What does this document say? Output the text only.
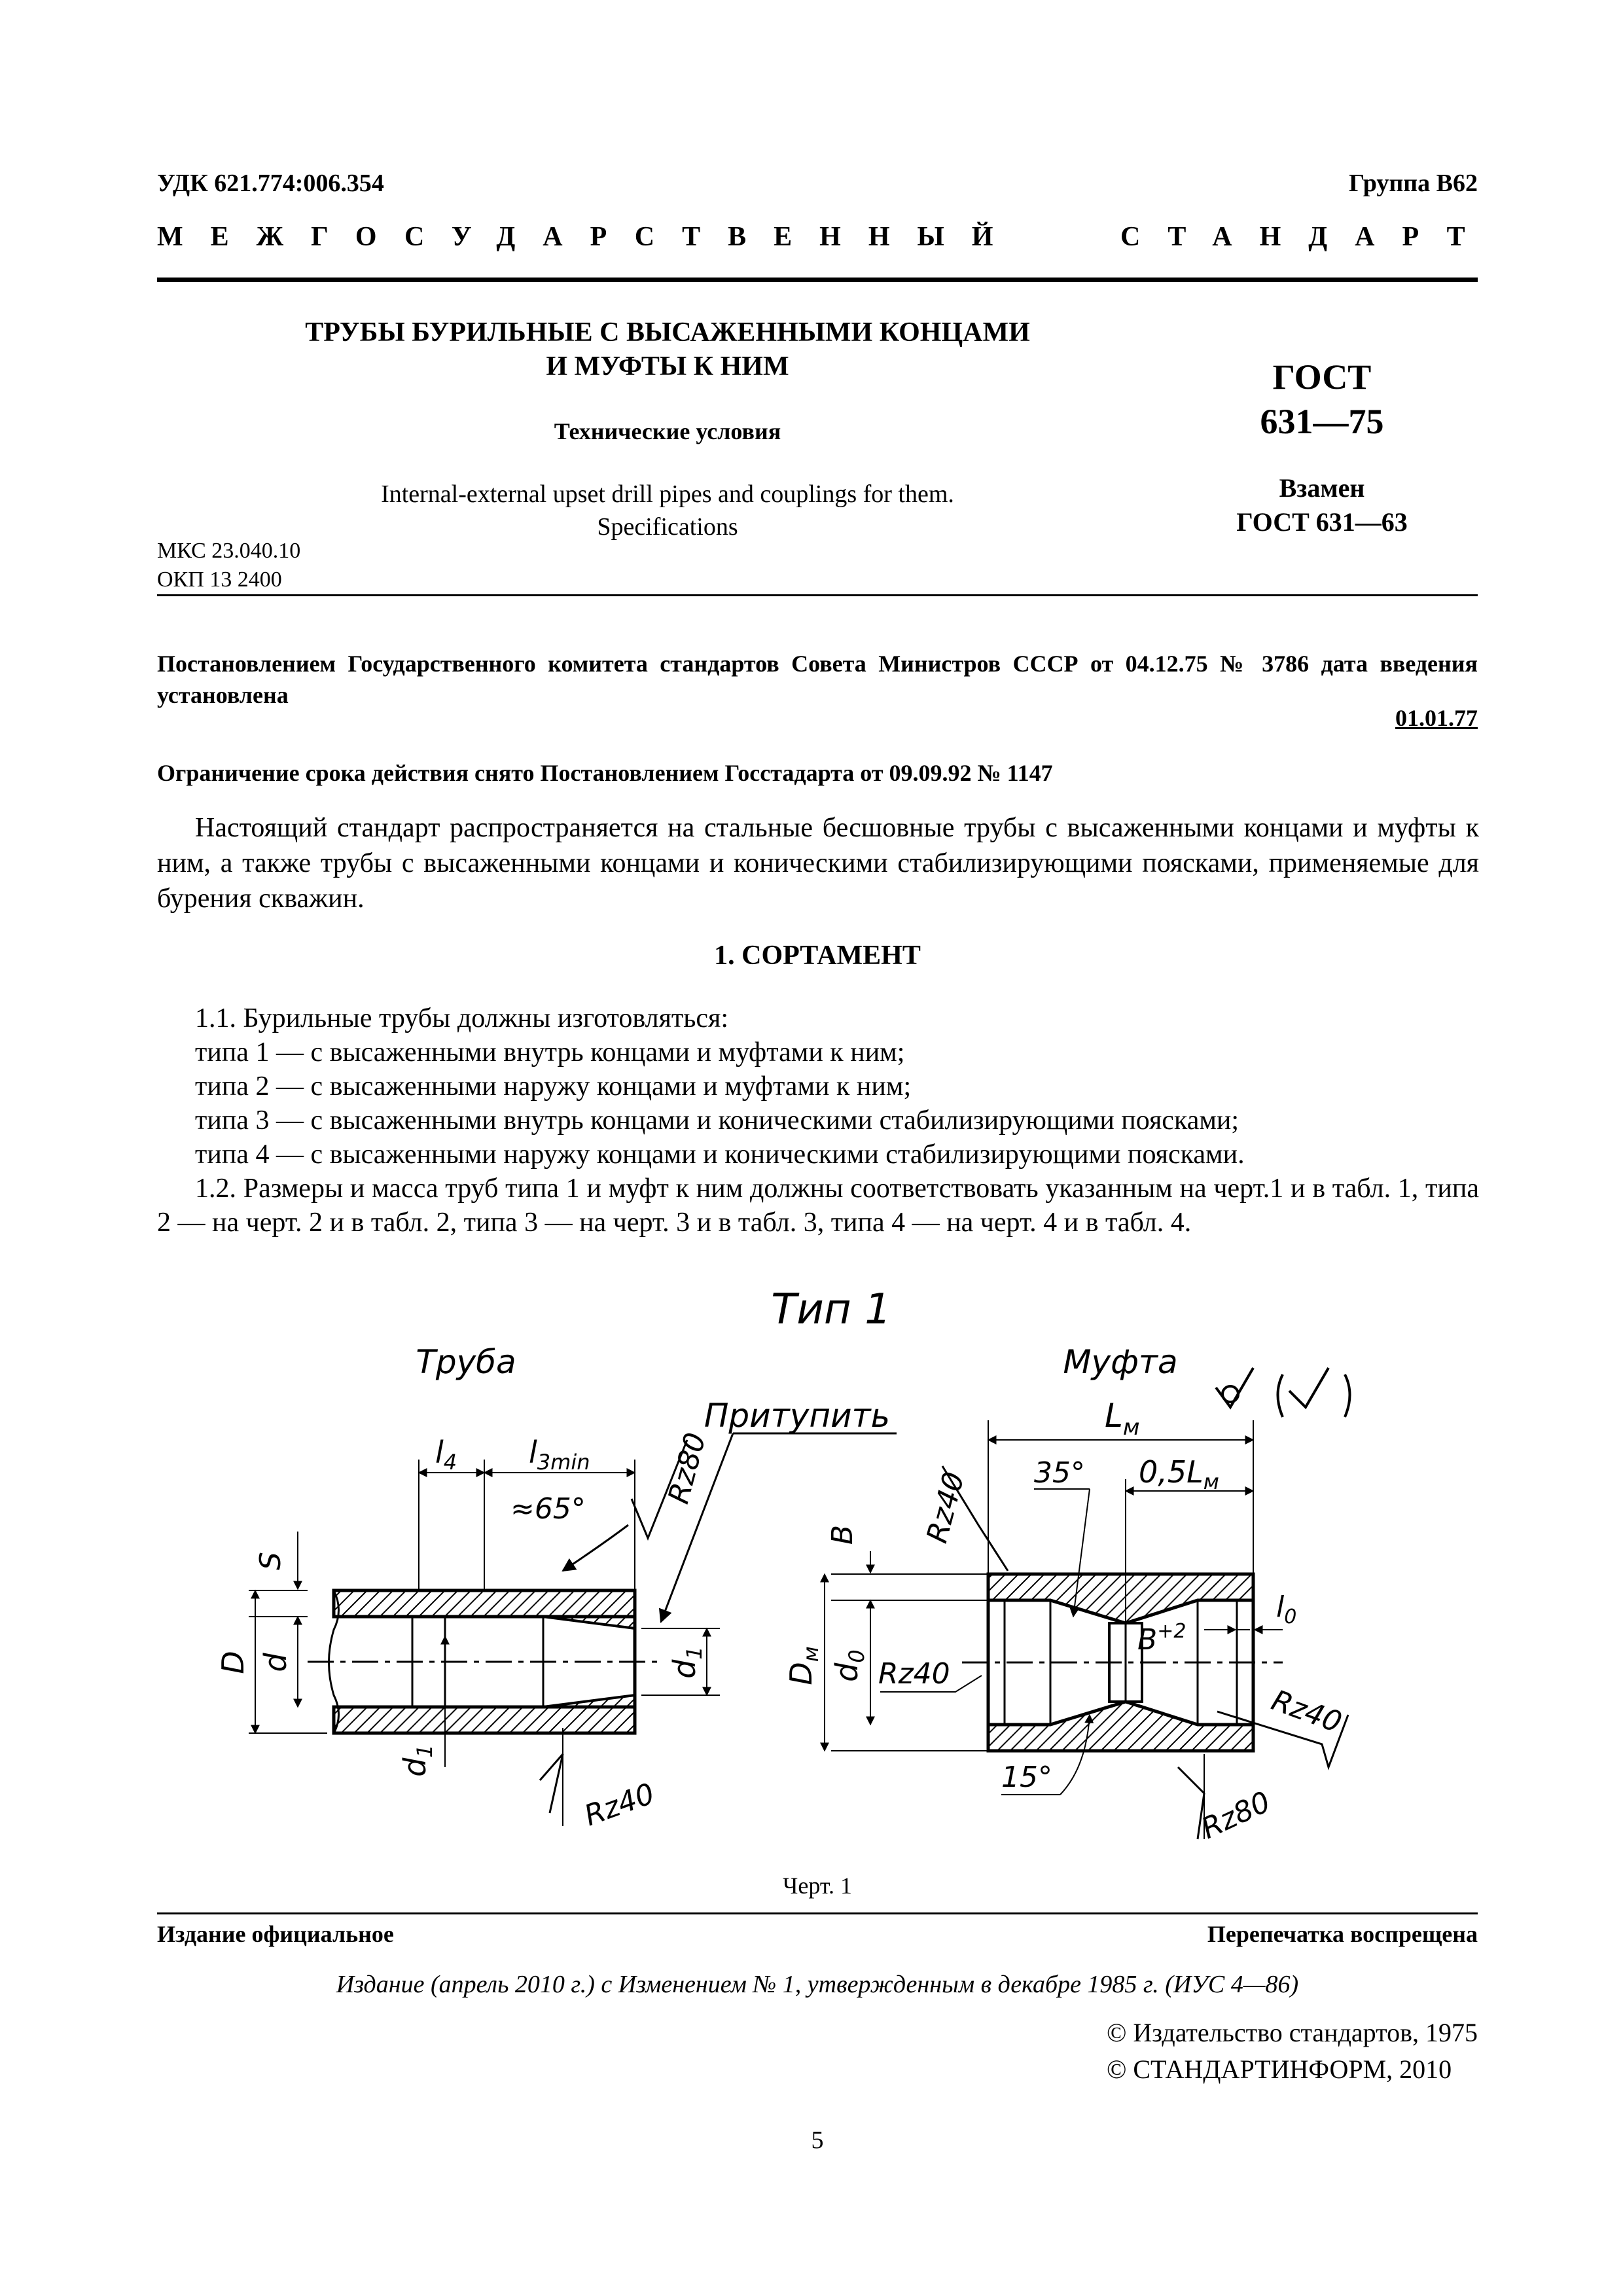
УДК 621.774:006.354	Группа В62
МЕЖГОСУДАРСТВЕННЫЙ	СТАНДАРТ
ТРУБЫ БУРИЛЬНЫЕ С ВЫСАЖЕННЫМИ КОНЦАМИ
И МУФТЫ К НИМ
Технические условия
Internal-external upset drill pipes and couplings for them.
Specifications
ГОСТ
631—75
Взамен
ГОСТ 631—63
МКС 23.040.10
ОКП 13 2400
Постановлением Государственного комитета стандартов Совета Министров СССР от 04.12.75 № 3786 дата введения установлена
01.01.77
Ограничение срока действия снято Постановлением Госстадарта от 09.09.92 № 1147
Настоящий стандарт распространяется на стальные бесшовные трубы с высаженными концами и муфты к ним, а также трубы с высаженными концами и коническими стабилизирующими поясками, применяемые для бурения скважин.
1. СОРТАМЕНТ
1.1. Бурильные трубы должны изготовляться:
типа 1 — с высаженными внутрь концами и муфтами к ним;
типа 2 — с высаженными наружу концами и муфтами к ним;
типа 3 — с высаженными внутрь концами и коническими стабилизирующими поясками;
типа 4 — с высаженными наружу концами и коническими стабилизирующими поясками.
1.2. Размеры и масса труб типа 1 и муфт к ним должны соответствовать указанным на черт.1 и в табл. 1, типа 2 — на черт. 2 и в табл. 2, типа 3 — на черт. 3 и в табл. 3, типа 4 — на черт. 4 и в табл. 4.
Тип 1
Труба	Муфта
Притупить
$l_4$ $l_{3min}$
≈65°
Rz80
S
D d	$d_1$
$d_1$
Rz40
$L_м$
35° $0,5L_м$
Rz40
B
$D_м$
$d_0$
Rz40
$B^{+2}$
$l_0$
Rz40
15°
Rz80
Черт. 1
Издание официальное	Перепечатка воспрещена
Издание (апрель 2010 г.) с Изменением № 1, утвержденным в декабре 1985 г. (ИУС 4—86)
© Издательство стандартов, 1975
© СТАНДАРТИНФОРМ, 2010
5
